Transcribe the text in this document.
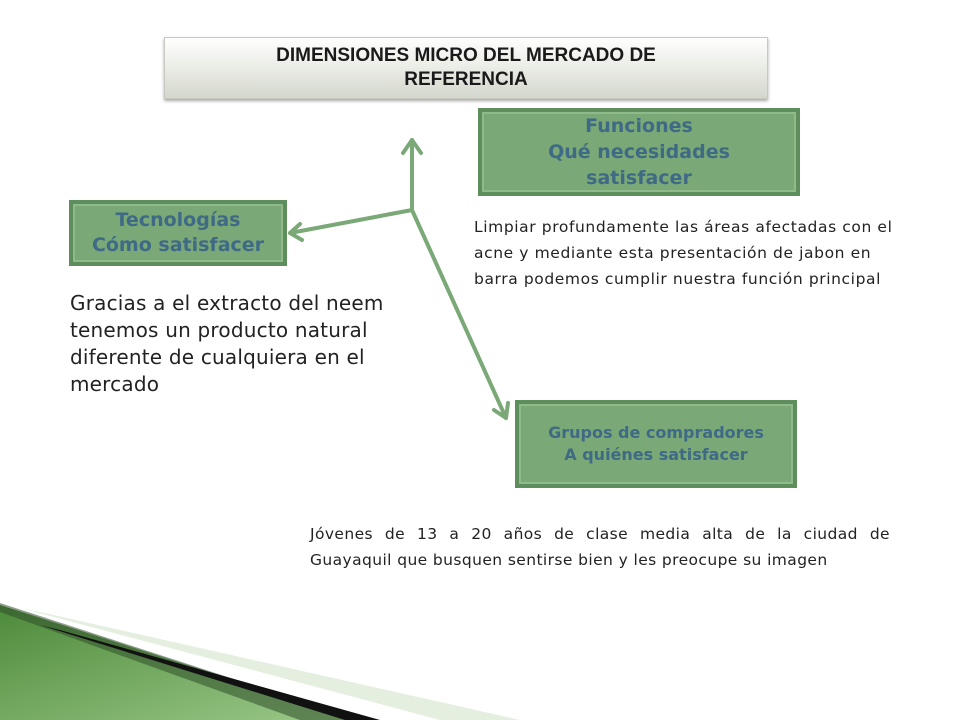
DIMENSIONES MICRO DEL MERCADO DE REFERENCIA
Funciones
Qué necesidades
satisfacer
Tecnologías
Cómo satisfacer
Grupos de compradores
A quiénes satisfacer
Limpiar profundamente las áreas afectadas con el acne y mediante esta presentación de jabon en barra podemos cumplir nuestra función principal
Gracias a el extracto del neem tenemos un producto natural diferente de cualquiera en el mercado
Jóvenes de 13 a 20 años de clase media alta de la ciudad de Guayaquil que busquen sentirse bien y les preocupe su imagen
